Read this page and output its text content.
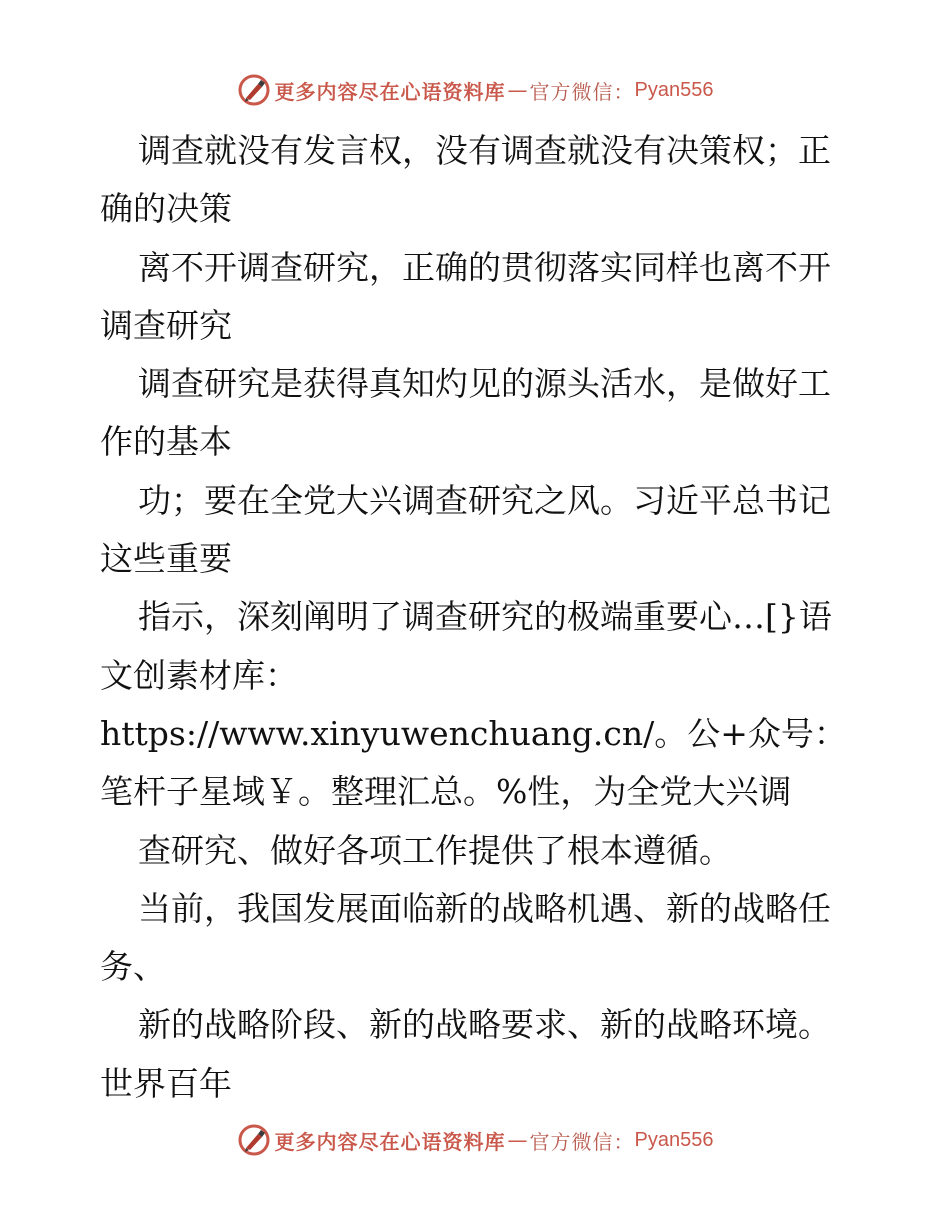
更多内容尽在心语资料库 — 官方微信： Pyan556

调查就没有发言权，没有调查就没有决策权；正确的决策

离不开调查研究，正确的贯彻落实同样也离不开调查研究

调查研究是获得真知灼见的源头活水，是做好工作的基本

功；要在全党大兴调查研究之风。习近平总书记这些重要

指示，深刻阐明了调查研究的极端重要心…[}语文创素材库：https://www.xinyuwenchuang.cn/。公+众号：笔杆子星域￥。整理汇总。%性，为全党大兴调

查研究、做好各项工作提供了根本遵循。

当前，我国发展面临新的战略机遇、新的战略任务、

新的战略阶段、新的战略要求、新的战略环境。世界百年

更多内容尽在心语资料库 — 官方微信： Pyan556
